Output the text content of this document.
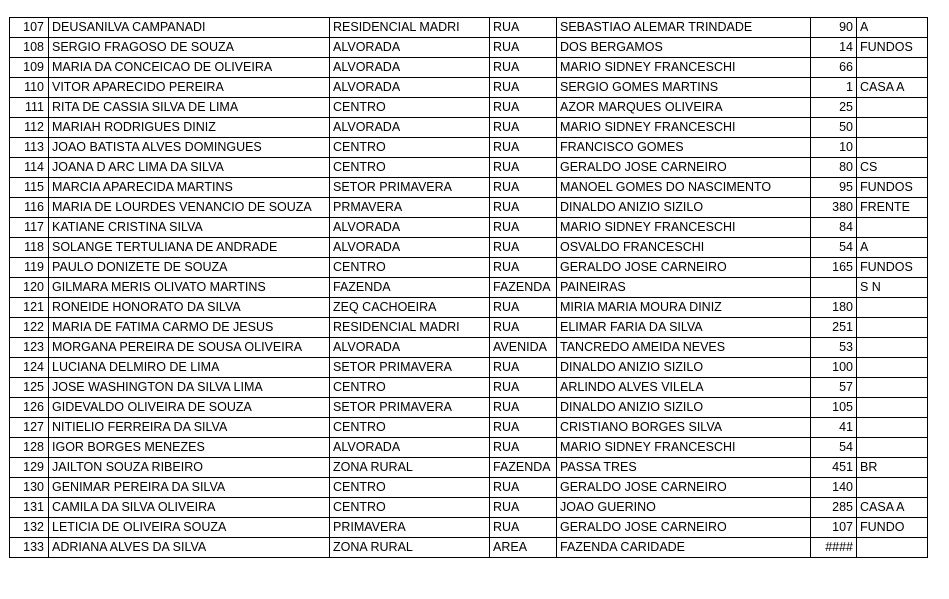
107	DEUSANILVA CAMPANADI	RESIDENCIAL MADRI	RUA	SEBASTIAO ALEMAR TRINDADE	90	A
108	SERGIO FRAGOSO DE SOUZA	ALVORADA	RUA	DOS BERGAMOS	14	FUNDOS
109	MARIA DA CONCEICAO DE OLIVEIRA	ALVORADA	RUA	MARIO SIDNEY FRANCESCHI	66	
110	VITOR APARECIDO PEREIRA	ALVORADA	RUA	SERGIO GOMES MARTINS	1	CASA A
111	RITA DE CASSIA SILVA DE LIMA	CENTRO	RUA	AZOR MARQUES OLIVEIRA	25	
112	MARIAH RODRIGUES DINIZ	ALVORADA	RUA	MARIO SIDNEY FRANCESCHI	50	
113	JOAO BATISTA ALVES DOMINGUES	CENTRO	RUA	FRANCISCO GOMES	10	
114	JOANA D ARC LIMA DA SILVA	CENTRO	RUA	GERALDO JOSE CARNEIRO	80	CS
115	MARCIA APARECIDA MARTINS	SETOR PRIMAVERA	RUA	MANOEL GOMES DO NASCIMENTO	95	FUNDOS
116	MARIA DE LOURDES VENANCIO DE SOUZA	PRMAVERA	RUA	DINALDO ANIZIO SIZILO	380	FRENTE
117	KATIANE CRISTINA SILVA	ALVORADA	RUA	MARIO SIDNEY FRANCESCHI	84	
118	SOLANGE TERTULIANA DE ANDRADE	ALVORADA	RUA	OSVALDO FRANCESCHI	54	A
119	PAULO DONIZETE DE SOUZA	CENTRO	RUA	GERALDO JOSE CARNEIRO	165	FUNDOS
120	GILMARA MERIS OLIVATO MARTINS	FAZENDA	FAZENDA	PAINEIRAS		S N
121	RONEIDE HONORATO DA SILVA	ZEQ CACHOEIRA	RUA	MIRIA MARIA MOURA DINIZ	180	
122	MARIA DE FATIMA CARMO DE JESUS	RESIDENCIAL MADRI	RUA	ELIMAR FARIA DA SILVA	251	
123	MORGANA PEREIRA DE SOUSA OLIVEIRA	ALVORADA	AVENIDA	TANCREDO AMEIDA NEVES	53	
124	LUCIANA DELMIRO DE LIMA	SETOR PRIMAVERA	RUA	DINALDO ANIZIO SIZILO	100	
125	JOSE WASHINGTON DA SILVA LIMA	CENTRO	RUA	ARLINDO ALVES VILELA	57	
126	GIDEVALDO OLIVEIRA DE SOUZA	SETOR PRIMAVERA	RUA	DINALDO ANIZIO SIZILO	105	
127	NITIELIO FERREIRA DA SILVA	CENTRO	RUA	CRISTIANO BORGES SILVA	41	
128	IGOR BORGES MENEZES	ALVORADA	RUA	MARIO SIDNEY FRANCESCHI	54	
129	JAILTON SOUZA RIBEIRO	ZONA RURAL	FAZENDA	PASSA TRES	451	BR
130	GENIMAR PEREIRA DA SILVA	CENTRO	RUA	GERALDO JOSE CARNEIRO	140	
131	CAMILA DA SILVA OLIVEIRA	CENTRO	RUA	JOAO GUERINO	285	CASA A
132	LETICIA DE OLIVEIRA SOUZA	PRIMAVERA	RUA	GERALDO JOSE CARNEIRO	107	FUNDO
133	ADRIANA ALVES DA SILVA	ZONA RURAL	AREA	FAZENDA CARIDADE	####	
